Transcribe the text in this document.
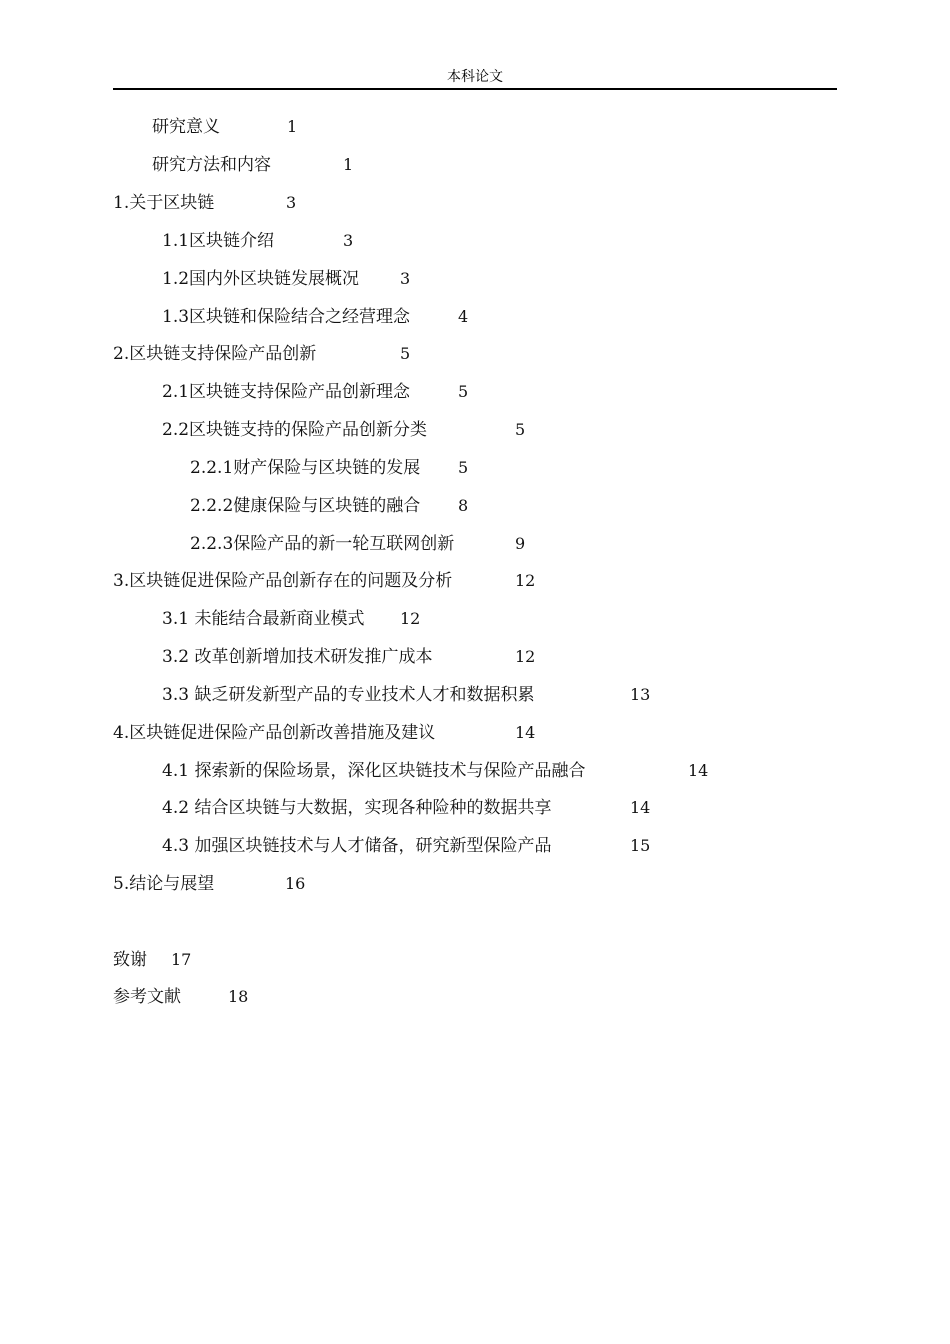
本科论文
研究意义	1
研究方法和内容	1
1.关于区块链	3
1.1区块链介绍	3
1.2国内外区块链发展概况	3
1.3区块链和保险结合之经营理念	4
2.区块链支持保险产品创新	5
2.1区块链支持保险产品创新理念	5
2.2区块链支持的保险产品创新分类	5
2.2.1财产保险与区块链的发展 5
2.2.2健康保险与区块链的融合 8
2.2.3保险产品的新一轮互联网创新	9
3.区块链促进保险产品创新存在的问题及分析	12
3.1 未能结合最新商业模式 12
3.2 改革创新增加技术研发推广成本	12
3.3 缺乏研发新型产品的专业技术人才和数据积累	13
4.区块链促进保险产品创新改善措施及建议	14
4.1 探索新的保险场景，深化区块链技术与保险产品融合	14
4.2 结合区块链与大数据，实现各种险种的数据共享	14
4.3 加强区块链技术与人才储备，研究新型保险产品	15
5.结论与展望	16
致谢 17
参考文献	18
